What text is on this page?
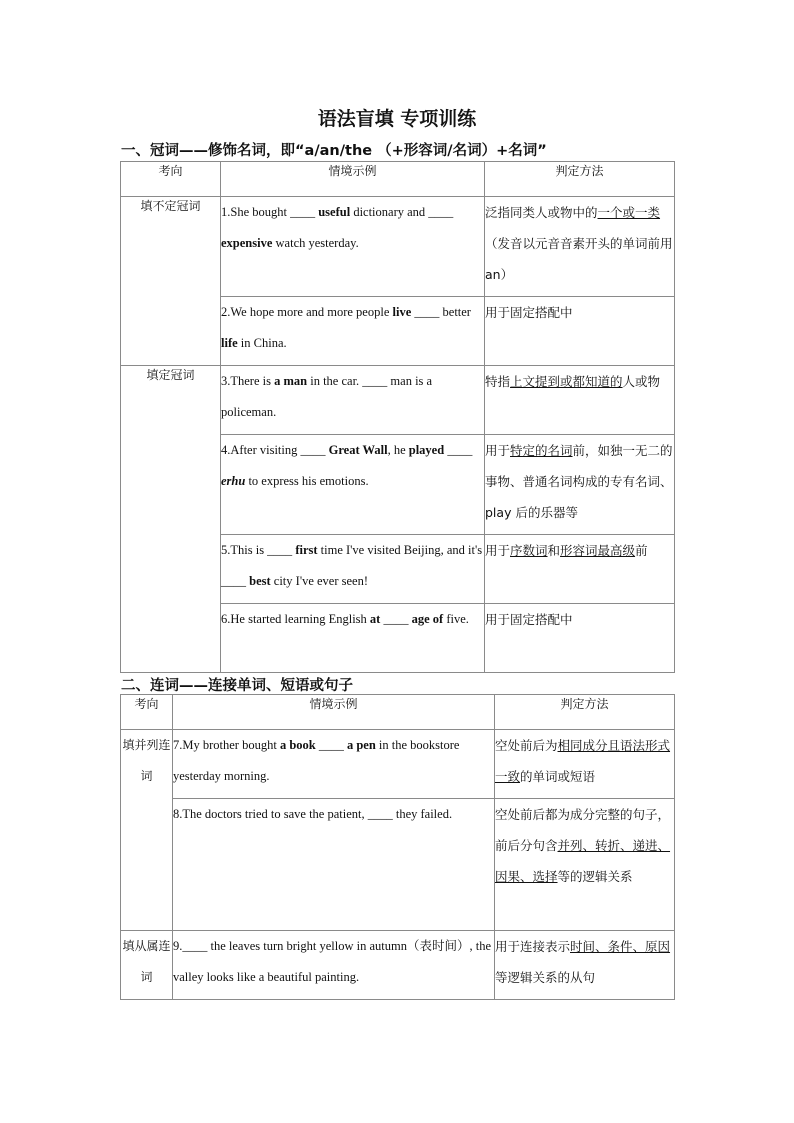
语法盲填 专项训练
一、冠词——修饰名词，即“a/an/the （+形容词/名词）+名词”
考向	情境示例	判定方法
填不定冠词	1.She bought ____ useful dictionary and ____ expensive watch yesterday.	泛指同类人或物中的一个或一类（发音以元音音素开头的单词前用an）
	2.We hope more and more people live ____ better life in China.	用于固定搭配中
填定冠词	3.There is a man in the car. ____ man is a policeman.	特指上文提到或都知道的人或物
	4.After visiting ____ Great Wall, he played ____ erhu to express his emotions.	用于特定的名词前，如独一无二的事物、普通名词构成的专有名词、play 后的乐器等
	5.This is ____ first time I've visited Beijing, and it's ____ best city I've ever seen!	用于序数词和形容词最高级前
	6.He started learning English at ____ age of five.	用于固定搭配中
二、连词——连接单词、短语或句子
考向	情境示例	判定方法
填并列连词	7.My brother bought a book ____ a pen in the bookstore yesterday morning.	空处前后为相同成分且语法形式一致的单词或短语
	8.The doctors tried to save the patient, ____ they failed.	空处前后都为成分完整的句子，前后分句含并列、转折、递进、因果、选择等的逻辑关系
填从属连词	9.____ the leaves turn bright yellow in autumn（表时间）, the valley looks like a beautiful painting.	用于连接表示时间、条件、原因等逻辑关系的从句
